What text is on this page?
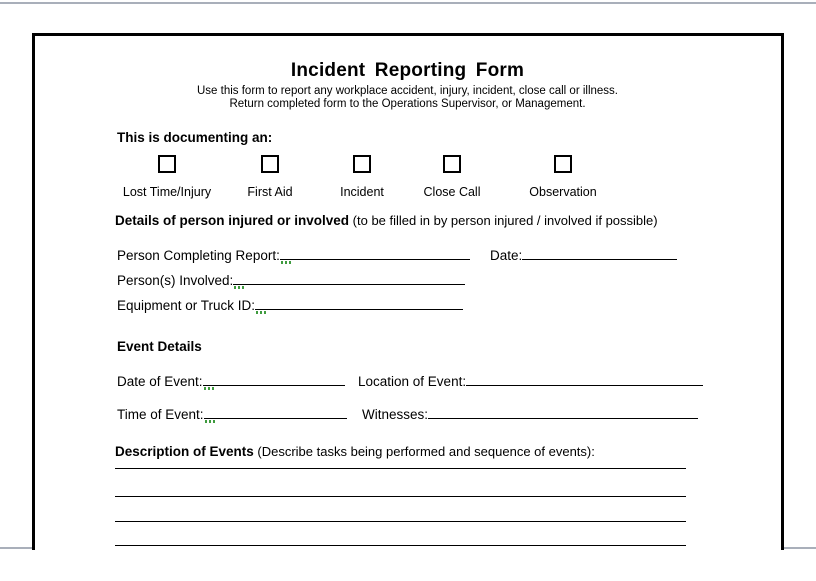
Incident Reporting Form
Use this form to report any workplace accident, injury, incident, close call or illness.
Return completed form to the Operations Supervisor, or Management.
This is documenting an:
Lost Time/Injury	First Aid	Incident	Close Call	Observation
Details of person injured or involved (to be filled in by person injured / involved if possible)
Person Completing Report:	Date:
Person(s) Involved:
Equipment or Truck ID:
Event Details
Date of Event:	Location of Event:
Time of Event:	Witnesses:
Description of Events (Describe tasks being performed and sequence of events):
